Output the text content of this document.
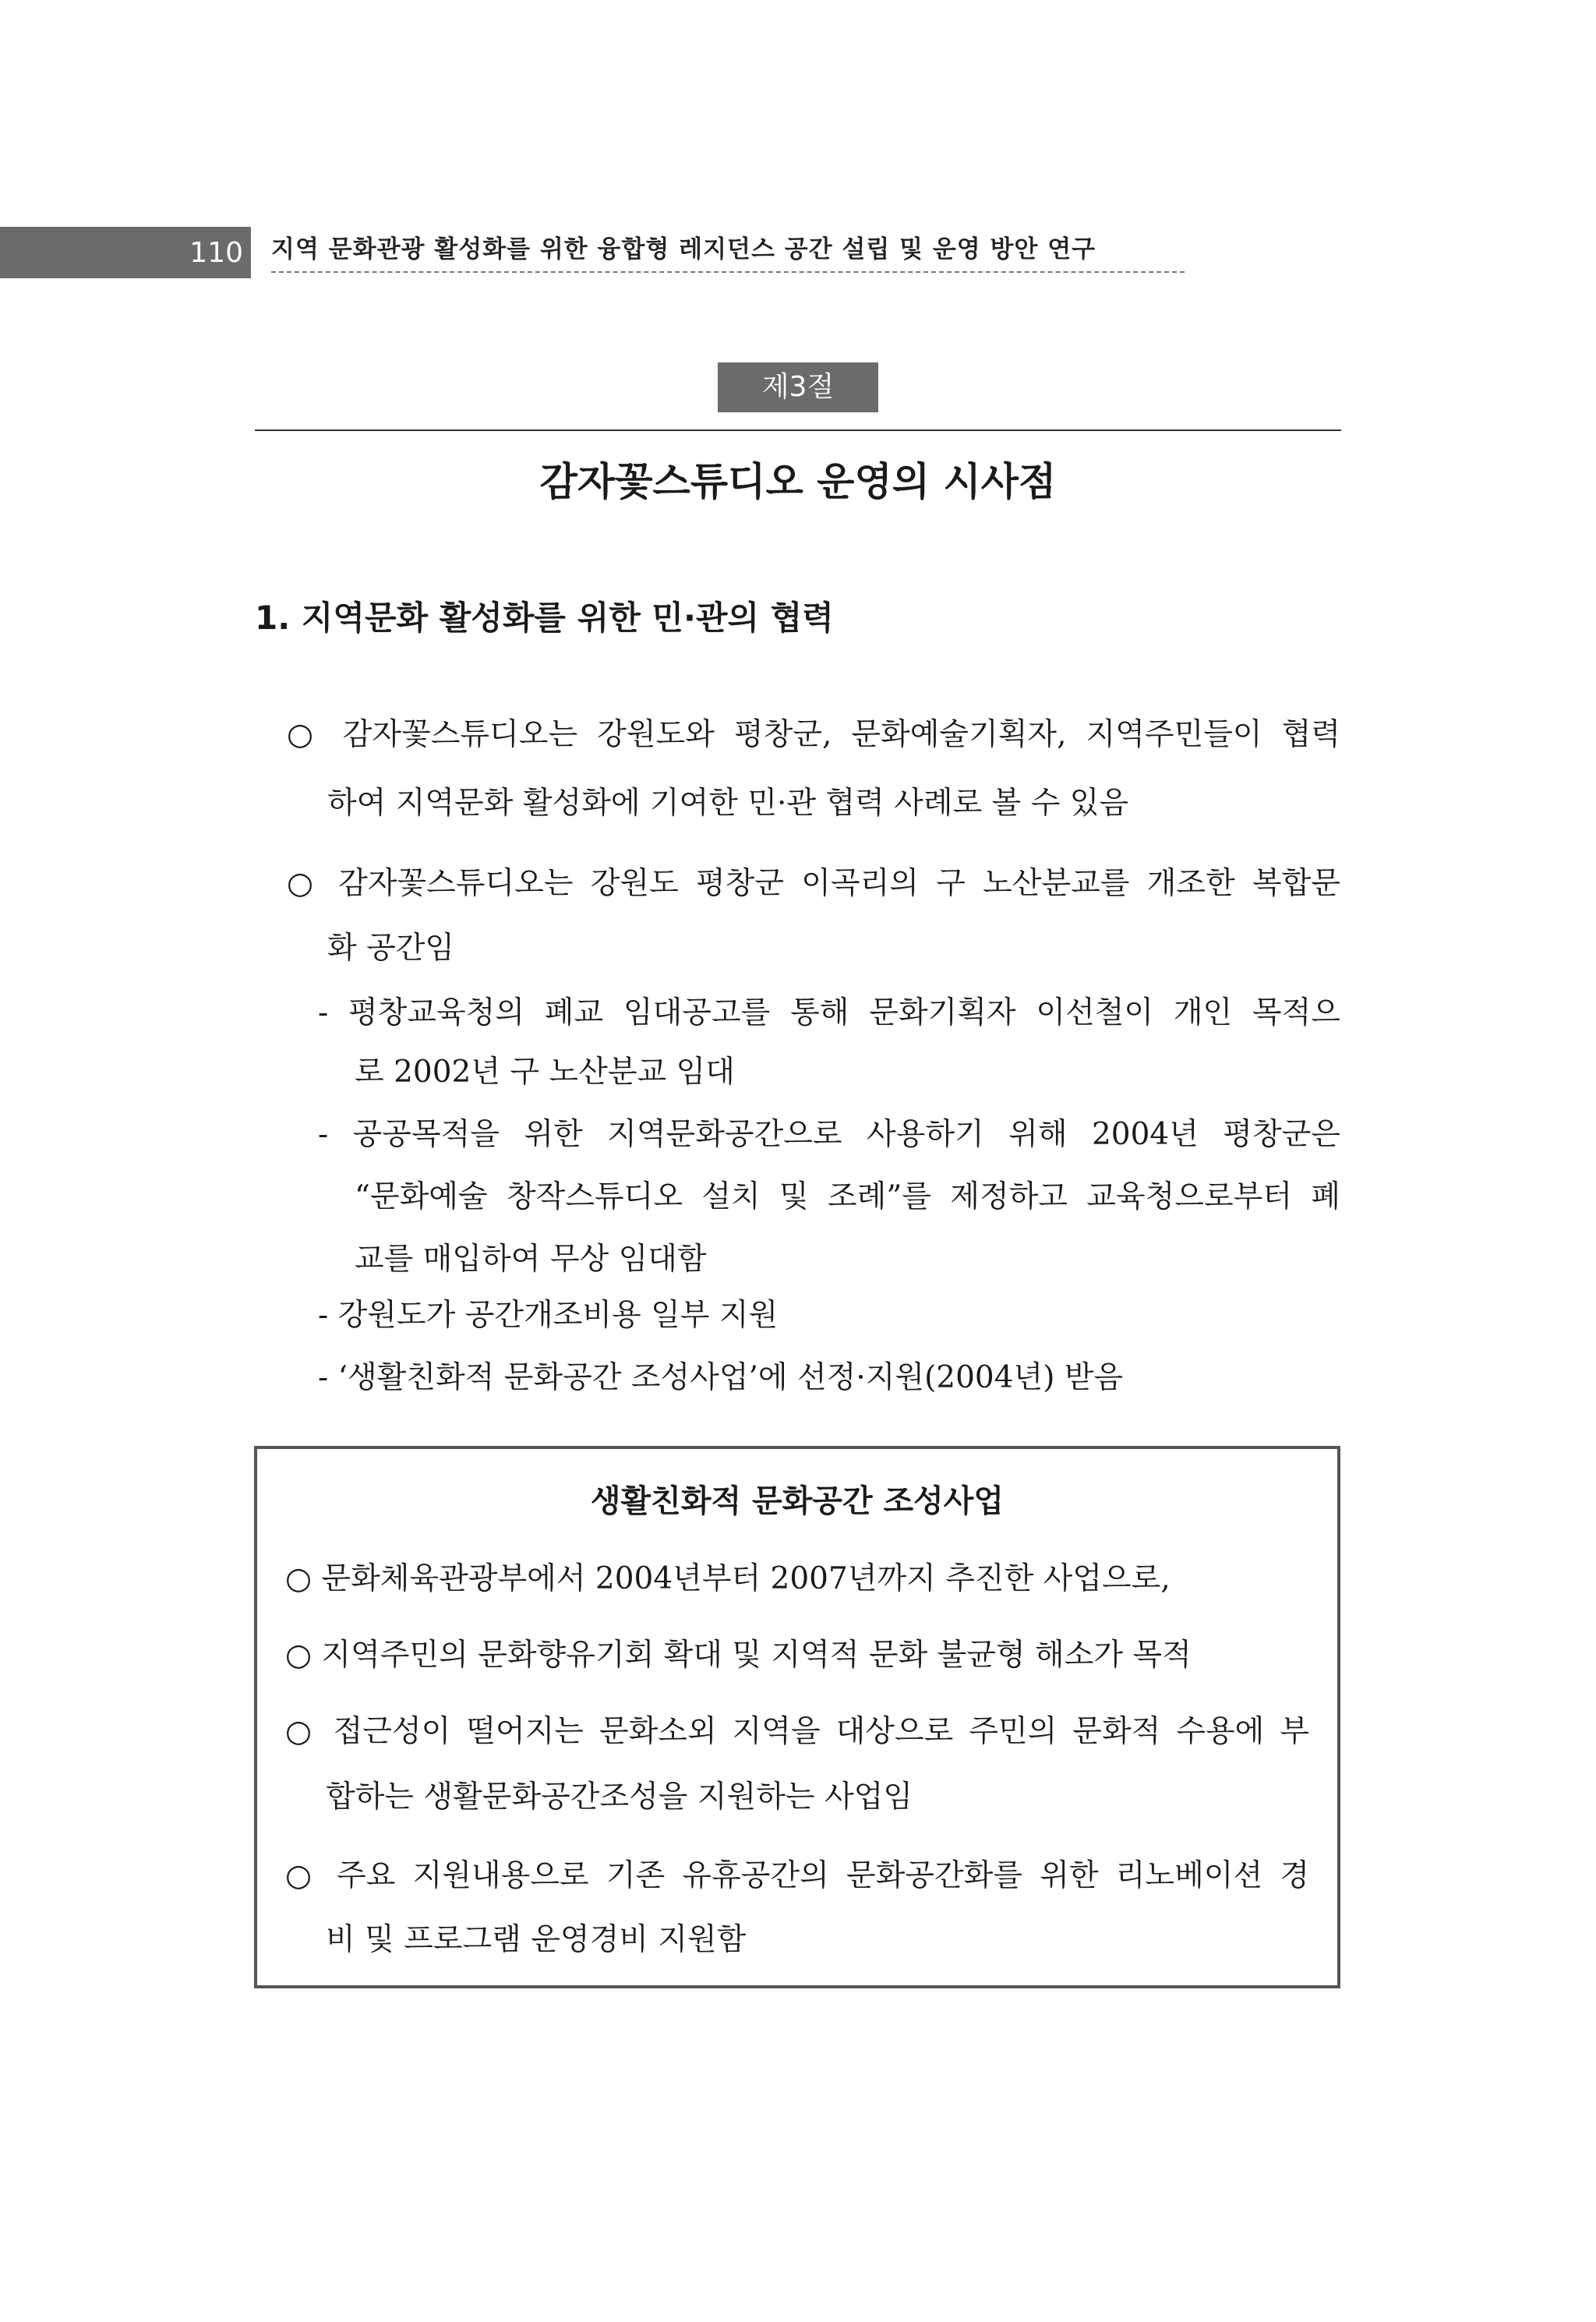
110 지역 문화관광 활성화를 위한 융합형 레지던스 공간 설립 및 운영 방안 연구
제3절
감자꽃스튜디오 운영의 시사점
1. 지역문화 활성화를 위한 민·관의 협력
○ 감자꽃스튜디오는 강원도와 평창군, 문화예술기획자, 지역주민들이 협력
하여 지역문화 활성화에 기여한 민·관 협력 사례로 볼 수 있음
○ 감자꽃스튜디오는 강원도 평창군 이곡리의 구 노산분교를 개조한 복합문
화 공간임
- 평창교육청의 폐교 임대공고를 통해 문화기획자 이선철이 개인 목적으
로 2002년 구 노산분교 임대
- 공공목적을 위한 지역문화공간으로 사용하기 위해 2004년 평창군은
“문화예술 창작스튜디오 설치 및 조례”를 제정하고 교육청으로부터 폐
교를 매입하여 무상 임대함
- 강원도가 공간개조비용 일부 지원
- ‘생활친화적 문화공간 조성사업’에 선정·지원(2004년) 받음
생활친화적 문화공간 조성사업
○ 문화체육관광부에서 2004년부터 2007년까지 추진한 사업으로,
○ 지역주민의 문화향유기회 확대 및 지역적 문화 불균형 해소가 목적
○ 접근성이 떨어지는 문화소외 지역을 대상으로 주민의 문화적 수용에 부
합하는 생활문화공간조성을 지원하는 사업임
○ 주요 지원내용으로 기존 유휴공간의 문화공간화를 위한 리노베이션 경
비 및 프로그램 운영경비 지원함
